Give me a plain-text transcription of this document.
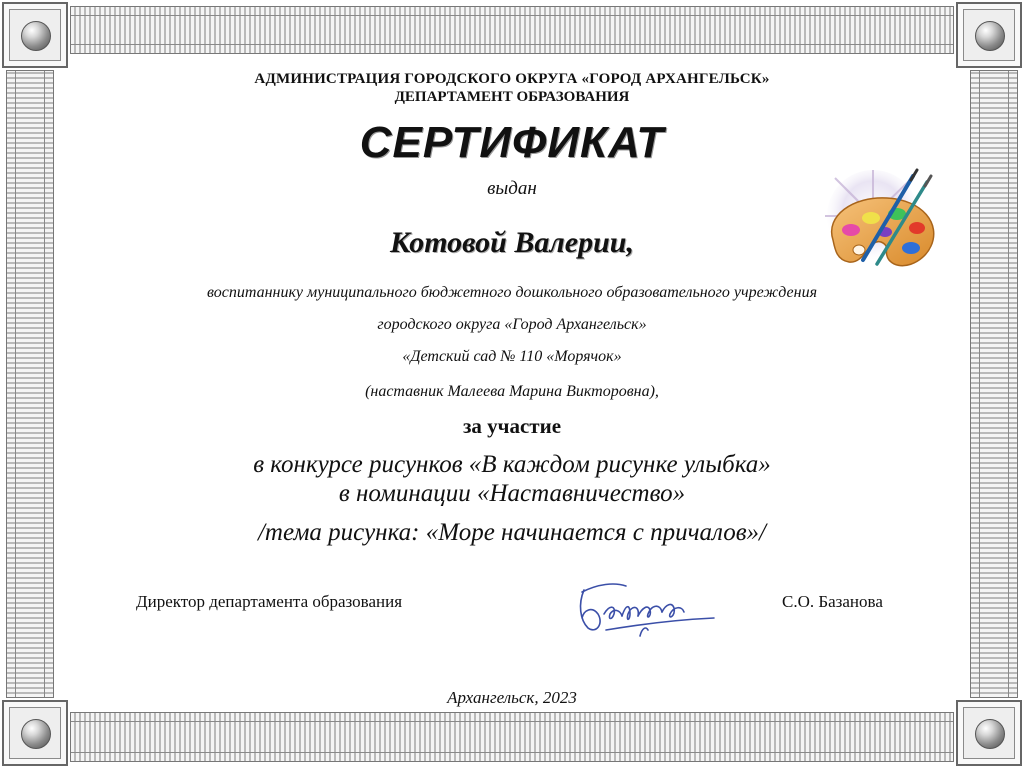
АДМИНИСТРАЦИЯ ГОРОДСКОГО ОКРУГА «ГОРОД АРХАНГЕЛЬСК»
ДЕПАРТАМЕНТ ОБРАЗОВАНИЯ
СЕРТИФИКАТ
выдан
Котовой Валерии,
воспитаннику муниципального бюджетного дошкольного образовательного учреждения
городского округа «Город Архангельск»
«Детский сад № 110 «Морячок»
(наставник Малеева Марина Викторовна),
за участие
в конкурсе рисунков «В каждом рисунке улыбка»
в номинации «Наставничество»
/тема рисунка: «Море начинается с причалов»/
Директор департамента образования	С.О. Базанова
Архангельск, 2023
